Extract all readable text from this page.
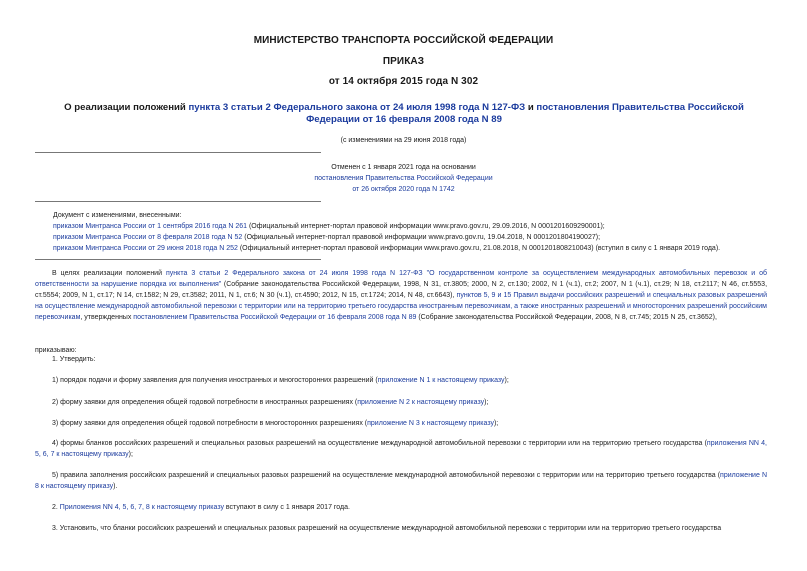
МИНИСТЕРСТВО ТРАНСПОРТА РОССИЙСКОЙ ФЕДЕРАЦИИ
ПРИКАЗ
от 14 октября 2015 года N 302
О реализации положений пункта 3 статьи 2 Федерального закона от 24 июля 1998 года N 127-ФЗ и постановления Правительства Российской Федерации от 16 февраля 2008 года N 89
(с изменениями на 29 июня 2018 года)
Отменен с 1 января 2021 года на основании
постановления Правительства Российской Федерации
от 26 октября 2020 года N 1742
Документ с изменениями, внесенными:
приказом Минтранса России от 1 сентября 2016 года N 261 (Официальный интернет-портал правовой информации www.pravo.gov.ru, 29.09.2016, N 0001201609290001);
приказом Минтранса России от 8 февраля 2018 года N 52 (Официальный интернет-портал правовой информации www.pravo.gov.ru, 19.04.2018, N 0001201804190027);
приказом Минтранса России от 29 июня 2018 года N 252 (Официальный интернет-портал правовой информации www.pravo.gov.ru, 21.08.2018, N 0001201808210043) (вступил в силу с 1 января 2019 года).
В целях реализации положений пункта 3 статьи 2 Федерального закона от 24 июля 1998 года N 127-ФЗ "О государственном контроле за осуществлением международных автомобильных перевозок и об ответственности за нарушение порядка их выполнения" (Собрание законодательства Российской Федерации, 1998, N 31, ст.3805; 2000, N 2, ст.130; 2002, N 1 (ч.1), ст.2; 2007, N 1 (ч.1), ст.29; N 18, ст.2117; N 46, ст.5553, ст.5554; 2009, N 1, ст.17; N 14, ст.1582; N 29, ст.3582; 2011, N 1, ст.6; N 30 (ч.1), ст.4590; 2012, N 15, ст.1724; 2014, N 48, ст.6643), пунктов 5, 9 и 15 Правил выдачи российских разрешений и специальных разовых разрешений на осуществление международной автомобильной перевозки с территории или на территорию третьего государства иностранным перевозчикам, а также иностранных разрешений и многосторонних разрешений российским перевозчикам, утвержденных постановлением Правительства Российской Федерации от 16 февраля 2008 года N 89 (Собрание законодательства Российской Федерации, 2008, N 8, ст.745; 2015 N 25, ст.3652),
приказываю:
1. Утвердить:
1) порядок подачи и форму заявления для получения иностранных и многосторонних разрешений (приложение N 1 к настоящему приказу);
2) форму заявки для определения общей годовой потребности в иностранных разрешениях (приложение N 2 к настоящему приказу);
3) форму заявки для определения общей годовой потребности в многосторонних разрешениях (приложение N 3 к настоящему приказу);
4) формы бланков российских разрешений и специальных разовых разрешений на осуществление международной автомобильной перевозки с территории или на территорию третьего государства (приложения NN 4, 5, 6, 7 к настоящему приказу);
5) правила заполнения российских разрешений и специальных разовых разрешений на осуществление международной автомобильной перевозки с территории или на территорию третьего государства (приложение N 8 к настоящему приказу).
2. Приложения NN 4, 5, 6, 7, 8 к настоящему приказу вступают в силу с 1 января 2017 года.
3. Установить, что бланки российских разрешений и специальных разовых разрешений на осуществление международной автомобильной перевозки с территории или на территорию третьего государства
